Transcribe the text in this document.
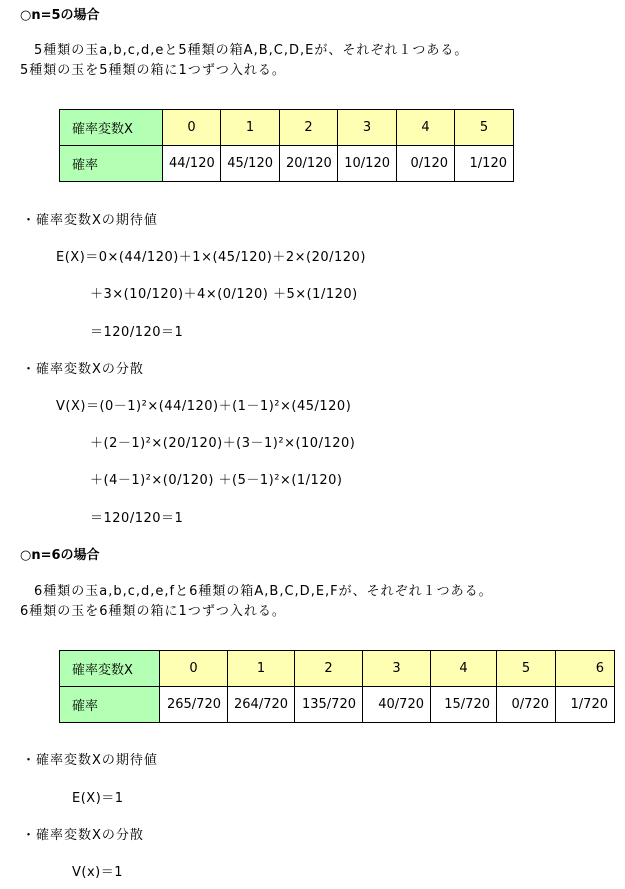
○n=5の場合
　5種類の玉a,b,c,d,eと5種類の箱A,B,C,D,Eが、それぞれ１つある。
5種類の玉を5種類の箱に1つずつ入れる。
確率変数X	0	1	2	3	4	5
確率	44/120	45/120	20/120	10/120	0/120	1/120
・確率変数Xの期待値
E(X)＝0×(44/120)＋1×(45/120)＋2×(20/120)
＋3×(10/120)＋4×(0/120) ＋5×(1/120)
＝120/120＝1
・確率変数Xの分散
V(X)＝(0－1)²×(44/120)＋(1－1)²×(45/120)
＋(2－1)²×(20/120)＋(3－1)²×(10/120)
＋(4－1)²×(0/120) ＋(5－1)²×(1/120)
＝120/120＝1
○n=6の場合
　6種類の玉a,b,c,d,e,fと6種類の箱A,B,C,D,E,Fが、それぞれ１つある。
6種類の玉を6種類の箱に1つずつ入れる。
確率変数X	0	1	2	3	4	5	6
確率	265/720	264/720	135/720	40/720	15/720	0/720	1/720
・確率変数Xの期待値
E(X)＝1
・確率変数Xの分散
V(x)＝1
